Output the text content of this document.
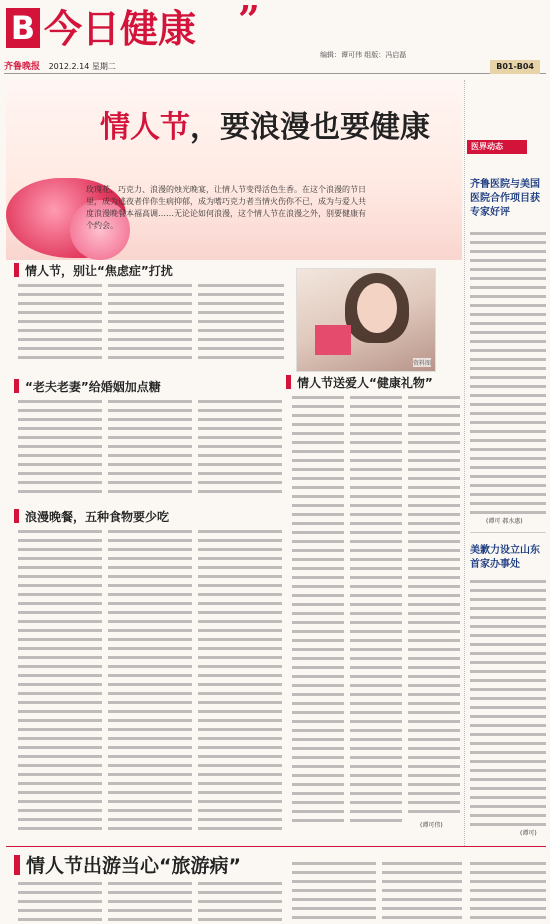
B 今日健康 ”
编辑：谭可伟 组版：冯启磊
齐鲁晚报 2012.2.14 星期二	B01-B04
情人节，要浪漫也要健康
玫瑰花、巧克力、浪漫的烛光晚宴，让情人节变得活色生香。在这个浪漫的节日里，成为逃夜者伴你生病抑郁，成为嗜巧克力者当情火伤你不已，成为与爱人共度浪漫晚餐本福高调……无论论如何浪漫，这个情人节在浪漫之外，别要健康有个约会。
情人节，别让“焦虑症”打扰
资料图
“老夫老妻”给婚姻加点糖	情人节送爱人“健康礼物”
(谭可伟)
浪漫晚餐，五种食物要少吃
医界动态
齐鲁医院与美国医院合作项目获专家好评
(谭可 郝水惠)
美歉力设立山东首家办事处
(谭可)
情人节出游当心“旅游病”
